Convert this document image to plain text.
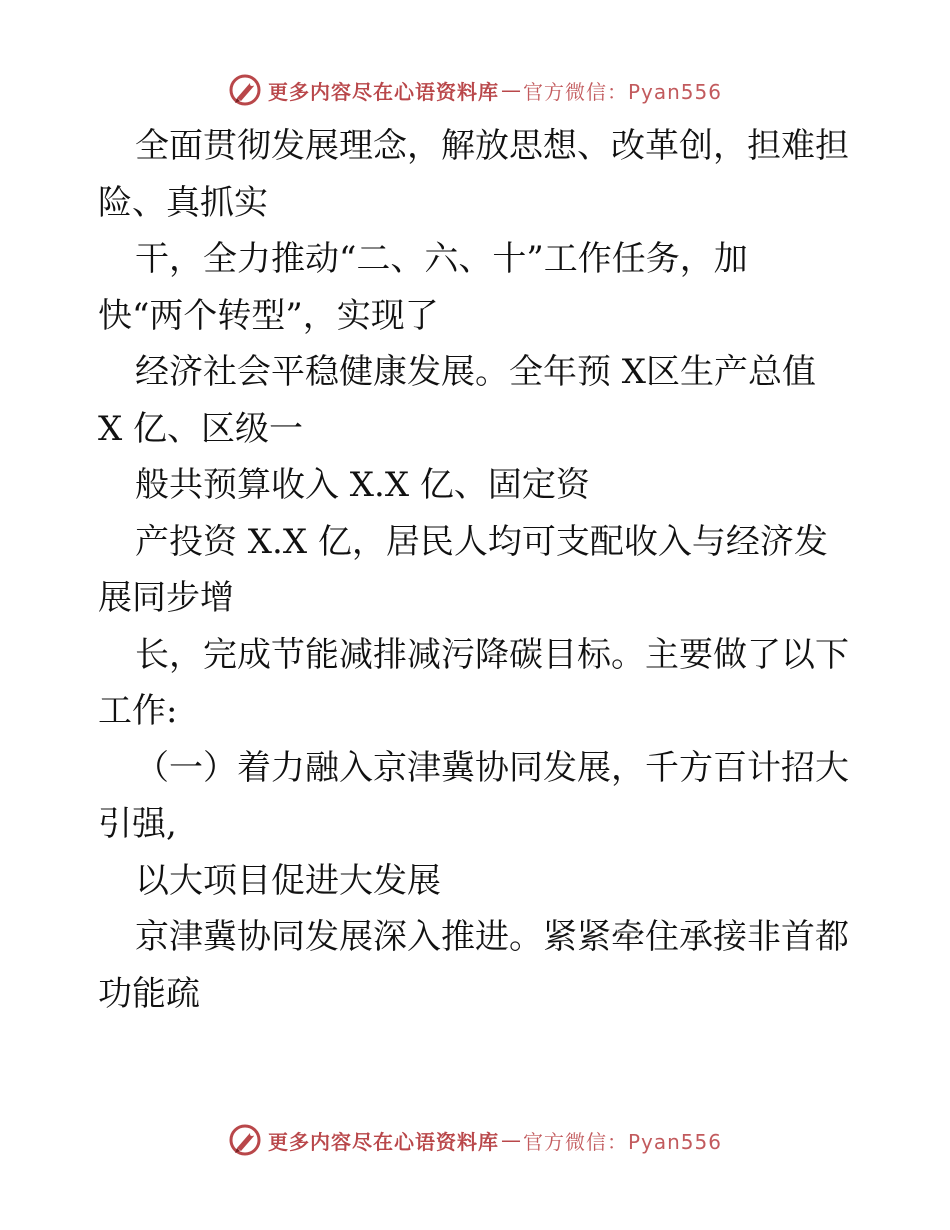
更多内容尽在心语资料库 — 官方微信：Pyan556

全面贯彻发展理念，解放思想、改革创，担难担

险、真抓实

干，全力推动“二、六、十”工作任务，加

快“两个转型”，实现了

经济社会平稳健康发展。全年预 X区生产总值

X 亿、区级一

般共预算收入 X.X 亿、固定资

产投资 X.X 亿，居民人均可支配收入与经济发

展同步增

长，完成节能减排减污降碳目标。主要做了以下

工作:

（一）着力融入京津冀协同发展，千方百计招大

引强,

以大项目促进大发展

京津冀协同发展深入推进。紧紧牵住承接非首都

功能疏

更多内容尽在心语资料库 — 官方微信：Pyan556
